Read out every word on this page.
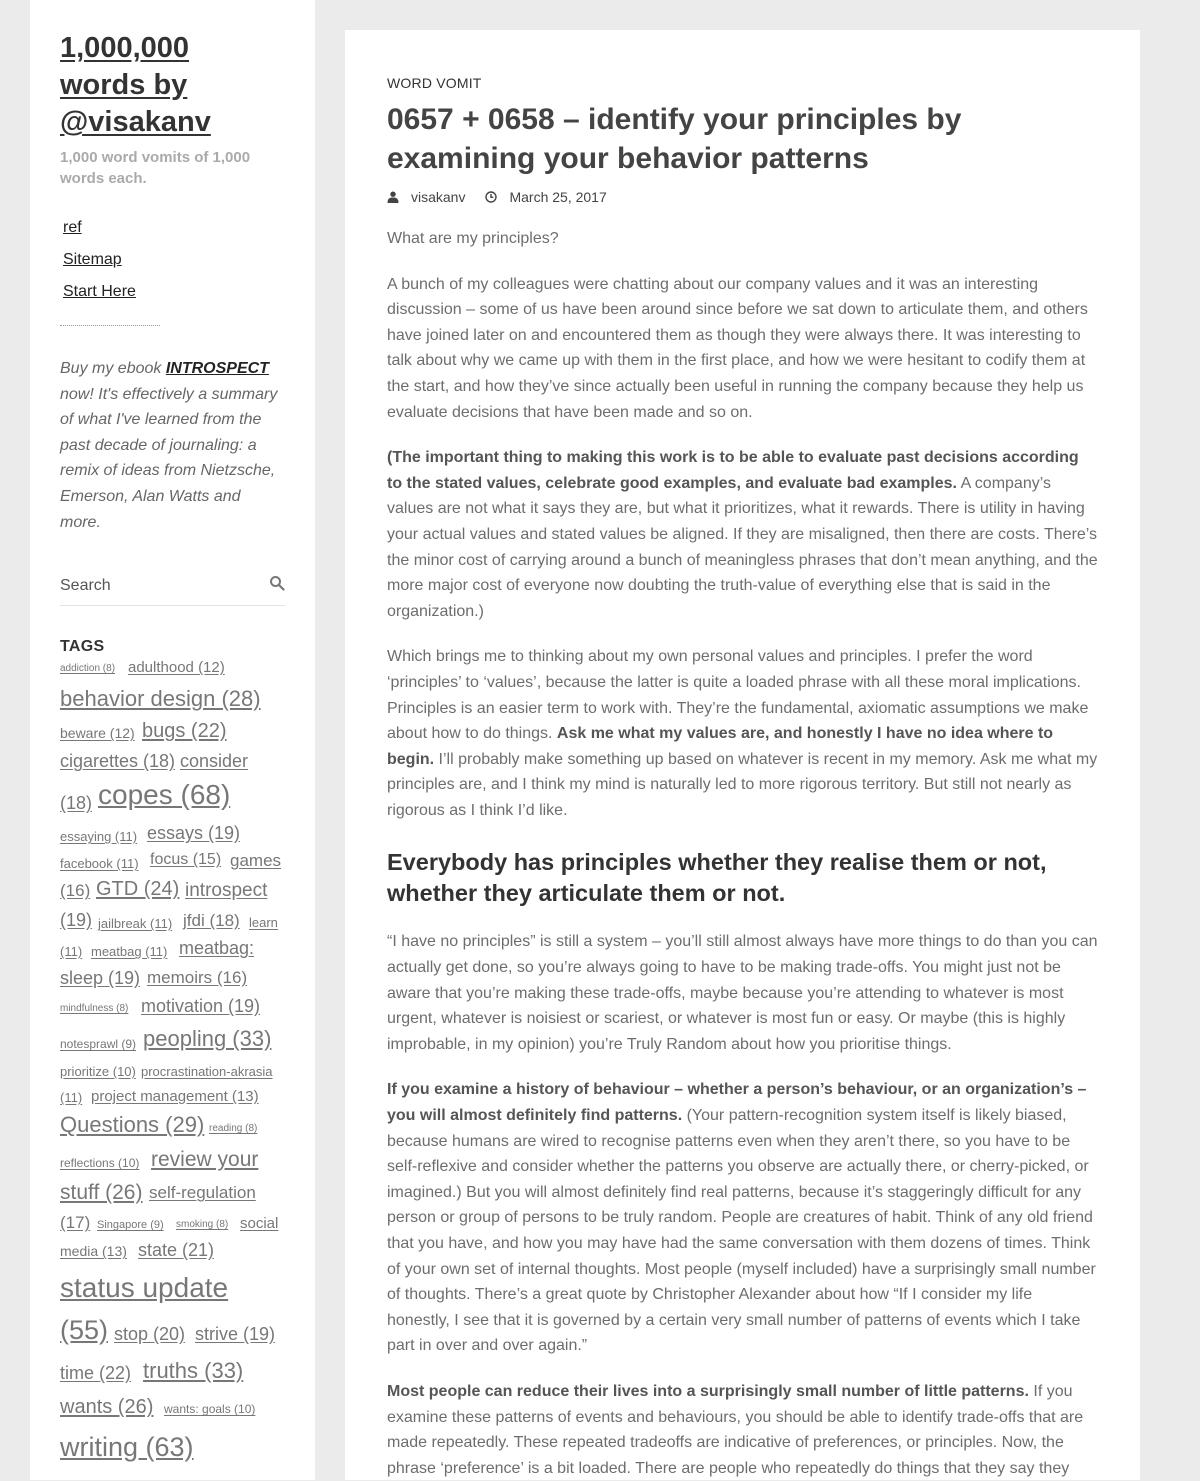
1,000,000 words by @visakanv

1,000 word vomits of 1,000 words each.

ref
Sitemap
Start Here

Buy my ebook INTROSPECT now! It's effectively a summary of what I've learned from the past decade of journaling: a remix of ideas from Nietzsche, Emerson, Alan Watts and more.

Search
TAGS
addiction (8) adulthood (12)
behavior design (28)
beware (12) bugs (22)
cigarettes (18) consider
(18) copes (68)
essaying (11) essays (19)
facebook (11) focus (15) games
(16) GTD (24) introspect
(19) jailbreak (11) jfdi (18) learn
(11) meatbag (11) meatbag:
sleep (19) memoirs (16)
mindfulness (8) motivation (19)
notesprawl (9) peopling (33)
prioritize (10) procrastination-akrasia
(11) project management (13)
Questions (29) reading (8)
reflections (10) review your
stuff (26) self-regulation
(17) Singapore (9) smoking (8) social
media (13) state (21)
status update
(55) stop (20) strive (19)
time (22) truths (33)
wants (26) wants: goals (10)
writing (63)
WORD VOMIT
0657 + 0658 – identify your principles by examining your behavior patterns
visakanv	March 25, 2017

What are my principles?

A bunch of my colleagues were chatting about our company values and it was an interesting discussion – some of us have been around since before we sat down to articulate them, and others have joined later on and encountered them as though they were always there. It was interesting to talk about why we came up with them in the first place, and how we were hesitant to codify them at the start, and how they’ve since actually been useful in running the company because they help us evaluate decisions that have been made and so on.

(The important thing to making this work is to be able to evaluate past decisions according to the stated values, celebrate good examples, and evaluate bad examples. A company’s values are not what it says they are, but what it prioritizes, what it rewards. There is utility in having your actual values and stated values be aligned. If they are misaligned, then there are costs. There’s the minor cost of carrying around a bunch of meaningless phrases that don’t mean anything, and the more major cost of everyone now doubting the truth-value of everything else that is said in the organization.)

Which brings me to thinking about my own personal values and principles. I prefer the word ‘principles’ to ‘values’, because the latter is quite a loaded phrase with all these moral implications. Principles is an easier term to work with. They’re the fundamental, axiomatic assumptions we make about how to do things. Ask me what my values are, and honestly I have no idea where to begin. I’ll probably make something up based on whatever is recent in my memory. Ask me what my principles are, and I think my mind is naturally led to more rigorous territory. But still not nearly as rigorous as I think I’d like.

Everybody has principles whether they realise them or not, whether they articulate them or not.

“I have no principles” is still a system – you’ll still almost always have more things to do than you can actually get done, so you’re always going to have to be making trade-offs. You might just not be aware that you’re making these trade-offs, maybe because you’re attending to whatever is most urgent, whatever is noisiest or scariest, or whatever is most fun or easy. Or maybe (this is highly improbable, in my opinion) you’re Truly Random about how you prioritise things.

If you examine a history of behaviour – whether a person’s behaviour, or an organization’s – you will almost definitely find patterns. (Your pattern-recognition system itself is likely biased, because humans are wired to recognise patterns even when they aren’t there, so you have to be self-reflexive and consider whether the patterns you observe are actually there, or cherry-picked, or imagined.) But you will almost definitely find real patterns, because it’s staggeringly difficult for any person or group of persons to be truly random. People are creatures of habit. Think of any old friend that you have, and how you may have had the same conversation with them dozens of times. Think of your own set of internal thoughts. Most people (myself included) have a surprisingly small number of thoughts. There’s a great quote by Christopher Alexander about how “If I consider my life honestly, I see that it is governed by a certain very small number of patterns of events which I take part in over and over again.”

Most people can reduce their lives into a surprisingly small number of little patterns. If you examine these patterns of events and behaviours, you should be able to identify trade-offs that are made repeatedly. These repeated tradeoffs are indicative of preferences, or principles. Now, the phrase ‘preference’ is a bit loaded. There are people who repeatedly do things that they say they
